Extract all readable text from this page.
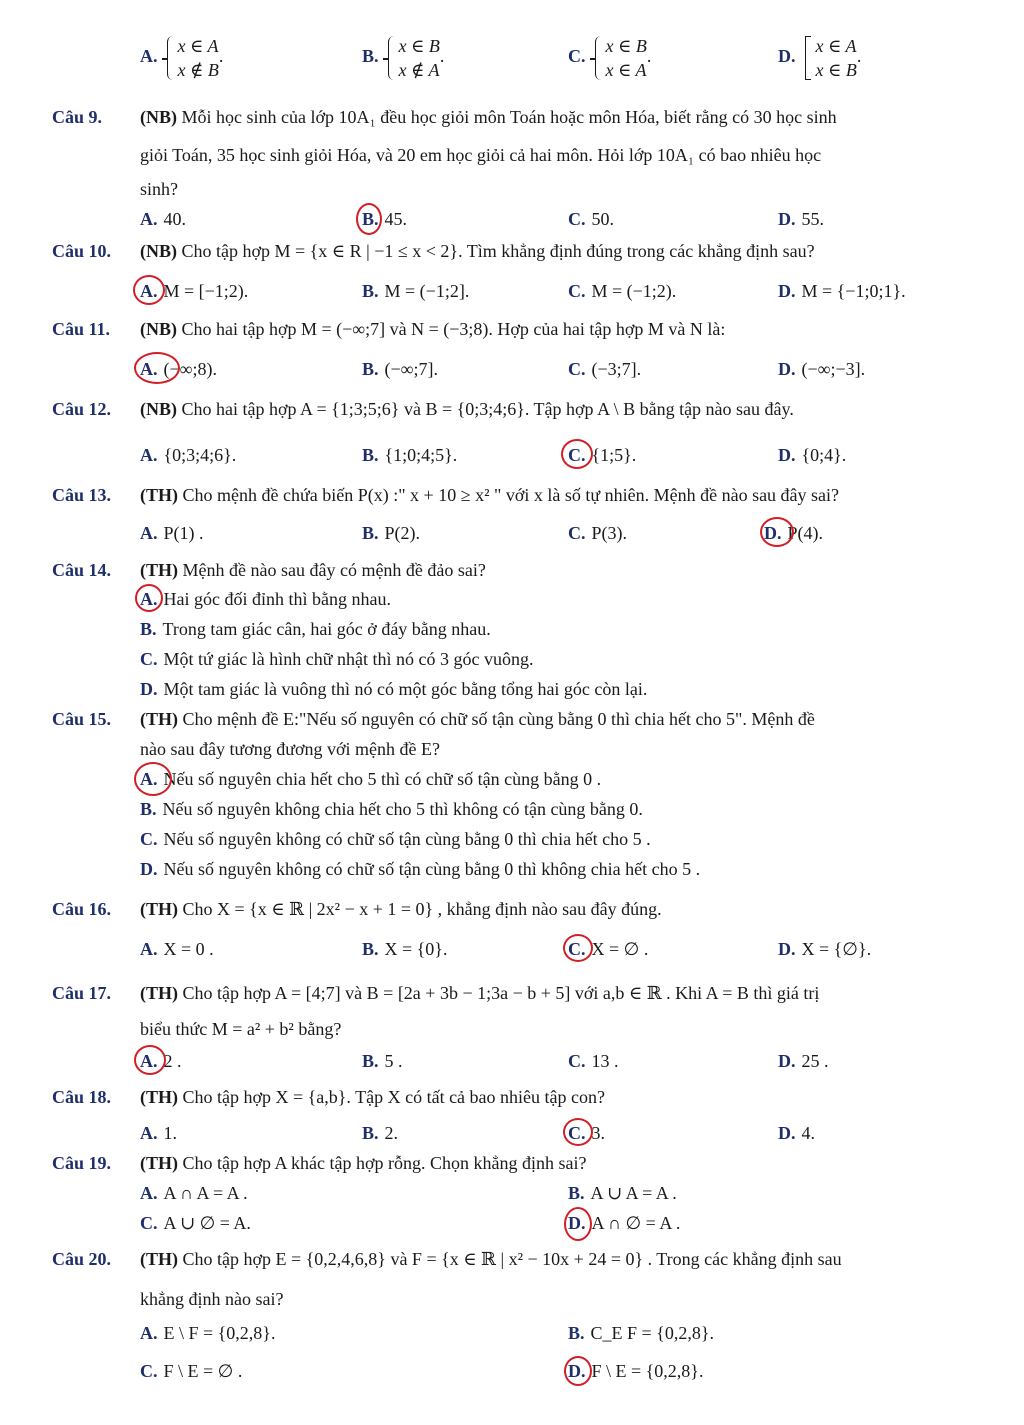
A.
x ∈ A
x ∉ B
.	B.
x ∈ B
x ∉ A
.	C.
x ∈ B
x ∈ A
.	D.
x ∈ A
x ∈ B
.
Câu 9. (NB) Mỗi học sinh của lớp 10A₁ đều học giỏi môn Toán hoặc môn Hóa, biết rằng có 30 học sinh
giỏi Toán, 35 học sinh giỏi Hóa, và 20 em học giỏi cả hai môn. Hỏi lớp 10A₁ có bao nhiêu học
sinh?
A. 40.	B. 45.	C. 50.	D. 55.
Câu 10. (NB) Cho tập hợp M = {x ∈ R | −1 ≤ x < 2}. Tìm khẳng định đúng trong các khẳng định sau?
A. M = [−1;2).	B. M = (−1;2].	C. M = (−1;2).	D. M = {−1;0;1}.
Câu 11. (NB) Cho hai tập hợp M = (−∞;7] và N = (−3;8). Hợp của hai tập hợp M và N là:
A. (−∞;8).	B. (−∞;7].	C. (−3;7].	D. (−∞;−3].
Câu 12. (NB) Cho hai tập hợp A = {1;3;5;6} và B = {0;3;4;6}. Tập hợp A \ B bằng tập nào sau đây.
A. {0;3;4;6}.	B. {1;0;4;5}.	C. {1;5}.	D. {0;4}.
Câu 13. (TH) Cho mệnh đề chứa biến P(x) :" x + 10 ≥ x² " với x là số tự nhiên. Mệnh đề nào sau đây sai?
A. P(1) .	B. P(2).	C. P(3).	D. P(4).
Câu 14. (TH) Mệnh đề nào sau đây có mệnh đề đảo sai?
A. Hai góc đối đỉnh thì bằng nhau.
B. Trong tam giác cân, hai góc ở đáy bằng nhau.
C. Một tứ giác là hình chữ nhật thì nó có 3 góc vuông.
D. Một tam giác là vuông thì nó có một góc bằng tổng hai góc còn lại.
Câu 15. (TH) Cho mệnh đề E:"Nếu số nguyên có chữ số tận cùng bằng 0 thì chia hết cho 5". Mệnh đề
nào sau đây tương đương với mệnh đề E?
A. Nếu số nguyên chia hết cho 5 thì có chữ số tận cùng bằng 0 .
B. Nếu số nguyên không chia hết cho 5 thì không có tận cùng bằng 0.
C. Nếu số nguyên không có chữ số tận cùng bằng 0 thì chia hết cho 5 .
D. Nếu số nguyên không có chữ số tận cùng bằng 0 thì không chia hết cho 5 .
Câu 16. (TH) Cho X = {x ∈ ℝ | 2x² − x + 1 = 0} , khẳng định nào sau đây đúng.
A. X = 0 .	B. X = {0}.	C. X = ∅ .	D. X = {∅}.
Câu 17. (TH) Cho tập hợp A = [4;7] và B = [2a + 3b − 1;3a − b + 5] với a,b ∈ ℝ . Khi A = B thì giá trị
biểu thức M = a² + b² bằng?
A. 2 .	B. 5 .	C. 13 .	D. 25 .
Câu 18. (TH) Cho tập hợp X = {a,b}. Tập X có tất cả bao nhiêu tập con?
A. 1.	B. 2.	C. 3.	D. 4.
Câu 19. (TH) Cho tập hợp A khác tập hợp rỗng. Chọn khẳng định sai?
A. A ∩ A = A .	B. A ∪ A = A .
C. A ∪ ∅ = A.	D. A ∩ ∅ = A .
Câu 20. (TH) Cho tập hợp E = {0,2,4,6,8} và F = {x ∈ ℝ | x² − 10x + 24 = 0} . Trong các khẳng định sau
khẳng định nào sai?
A. E \ F = {0,2,8}.	B. C_E F = {0,2,8}.
C. F \ E = ∅ .	D. F \ E = {0,2,8}.
